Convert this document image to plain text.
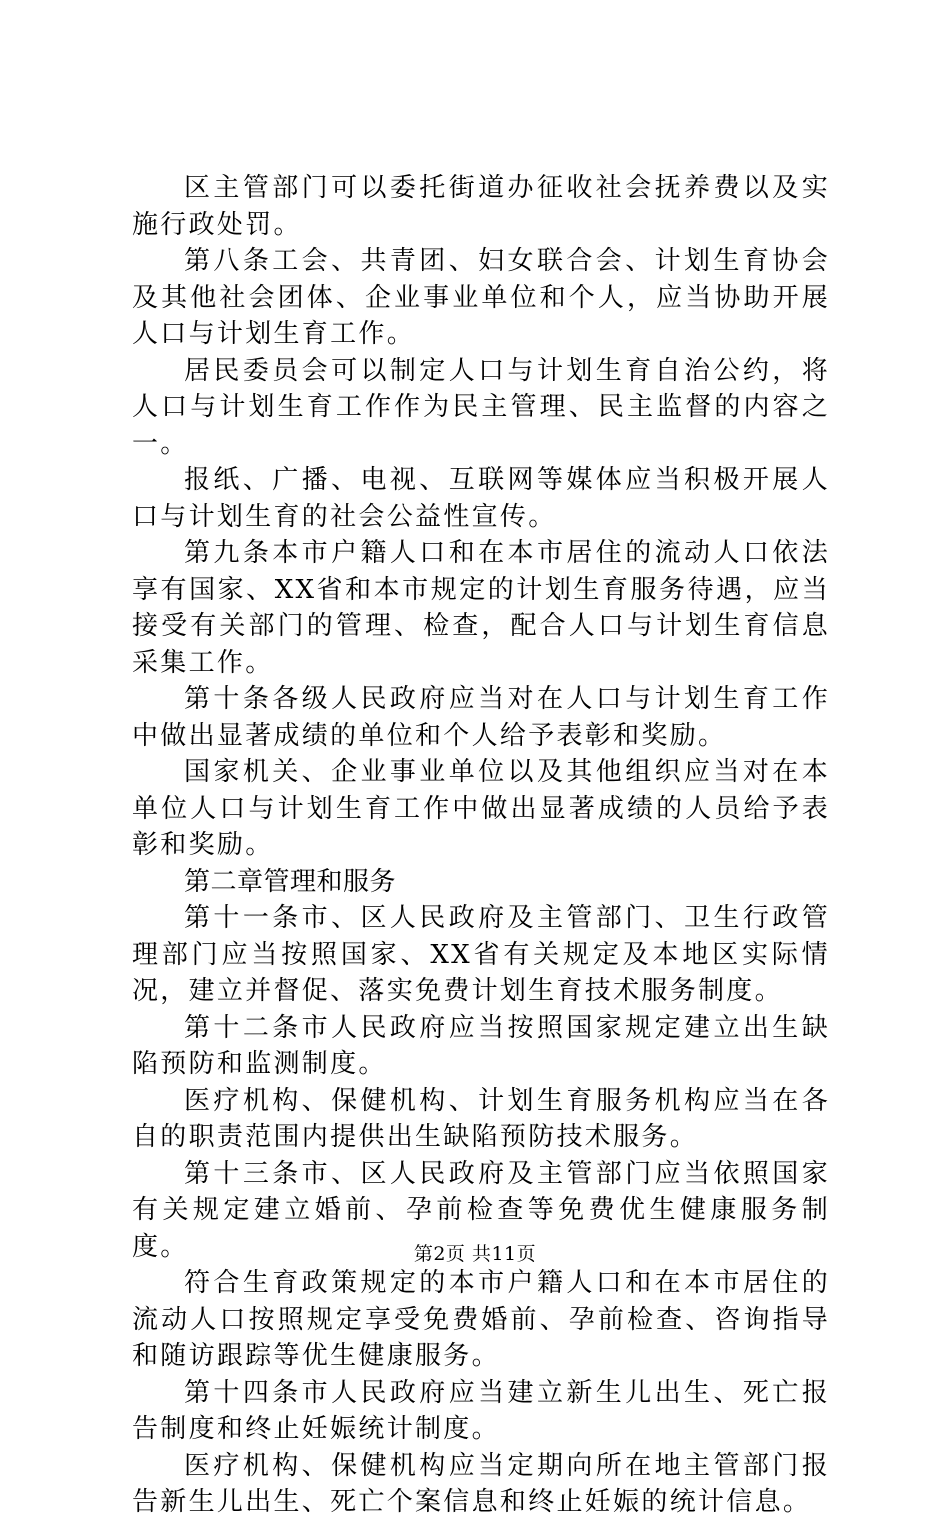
区主管部门可以委托街道办征收社会抚养费以及实施行政处罚。

第八条工会、共青团、妇女联合会、计划生育协会及其他社会团体、企业事业单位和个人，应当协助开展人口与计划生育工作。

居民委员会可以制定人口与计划生育自治公约，将人口与计划生育工作作为民主管理、民主监督的内容之一。

报纸、广播、电视、互联网等媒体应当积极开展人口与计划生育的社会公益性宣传。

第九条本市户籍人口和在本市居住的流动人口依法享有国家、XX省和本市规定的计划生育服务待遇，应当接受有关部门的管理、检查，配合人口与计划生育信息采集工作。

第十条各级人民政府应当对在人口与计划生育工作中做出显著成绩的单位和个人给予表彰和奖励。

国家机关、企业事业单位以及其他组织应当对在本单位人口与计划生育工作中做出显著成绩的人员给予表彰和奖励。

第二章管理和服务

第十一条市、区人民政府及主管部门、卫生行政管理部门应当按照国家、XX省有关规定及本地区实际情况，建立并督促、落实免费计划生育技术服务制度。

第十二条市人民政府应当按照国家规定建立出生缺陷预防和监测制度。

医疗机构、保健机构、计划生育服务机构应当在各自的职责范围内提供出生缺陷预防技术服务。

第十三条市、区人民政府及主管部门应当依照国家有关规定建立婚前、孕前检查等免费优生健康服务制度。

符合生育政策规定的本市户籍人口和在本市居住的流动人口按照规定享受免费婚前、孕前检查、咨询指导和随访跟踪等优生健康服务。

第十四条市人民政府应当建立新生儿出生、死亡报告制度和终止妊娠统计制度。

医疗机构、保健机构应当定期向所在地主管部门报告新生儿出生、死亡个案信息和终止妊娠的统计信息。

第2页 共11页
